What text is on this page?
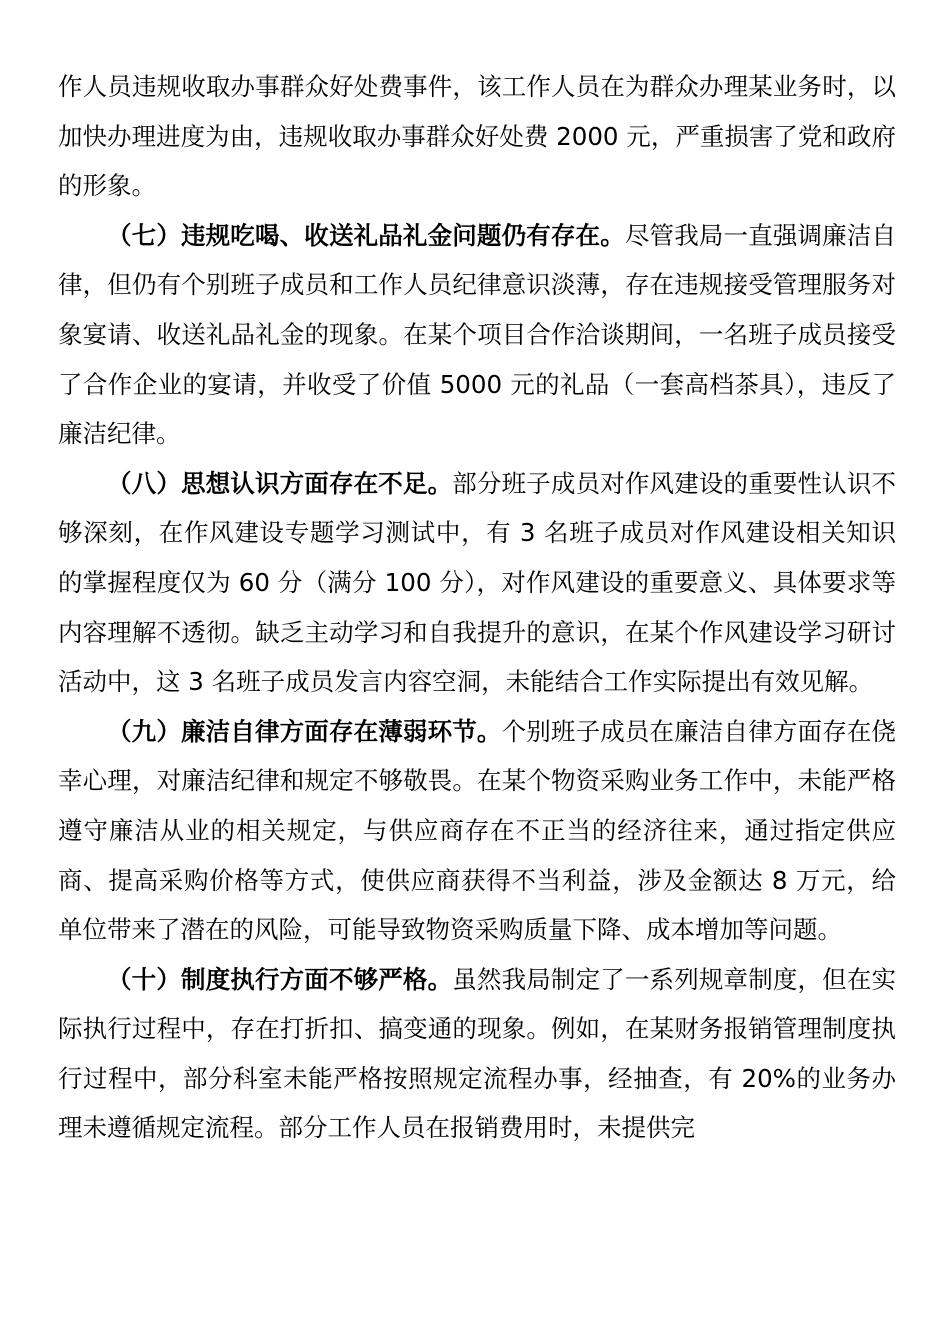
作人员违规收取办事群众好处费事件，该工作人员在为群众办理某业务时，以加快办理进度为由，违规收取办事群众好处费 2000 元，严重损害了党和政府的形象。

（七）违规吃喝、收送礼品礼金问题仍有存在。尽管我局一直强调廉洁自律，但仍有个别班子成员和工作人员纪律意识淡薄，存在违规接受管理服务对象宴请、收送礼品礼金的现象。在某个项目合作洽谈期间，一名班子成员接受了合作企业的宴请，并收受了价值 5000 元的礼品（一套高档茶具），违反了廉洁纪律。

（八）思想认识方面存在不足。部分班子成员对作风建设的重要性认识不够深刻，在作风建设专题学习测试中，有 3 名班子成员对作风建设相关知识的掌握程度仅为 60 分（满分 100 分），对作风建设的重要意义、具体要求等内容理解不透彻。缺乏主动学习和自我提升的意识，在某个作风建设学习研讨活动中，这 3 名班子成员发言内容空洞，未能结合工作实际提出有效见解。

（九）廉洁自律方面存在薄弱环节。个别班子成员在廉洁自律方面存在侥幸心理，对廉洁纪律和规定不够敬畏。在某个物资采购业务工作中，未能严格遵守廉洁从业的相关规定，与供应商存在不正当的经济往来，通过指定供应商、提高采购价格等方式，使供应商获得不当利益，涉及金额达 8 万元，给单位带来了潜在的风险，可能导致物资采购质量下降、成本增加等问题。

（十）制度执行方面不够严格。虽然我局制定了一系列规章制度，但在实际执行过程中，存在打折扣、搞变通的现象。例如，在某财务报销管理制度执行过程中，部分科室未能严格按照规定流程办事，经抽查，有 20%的业务办理未遵循规定流程。部分工作人员在报销费用时，未提供完
